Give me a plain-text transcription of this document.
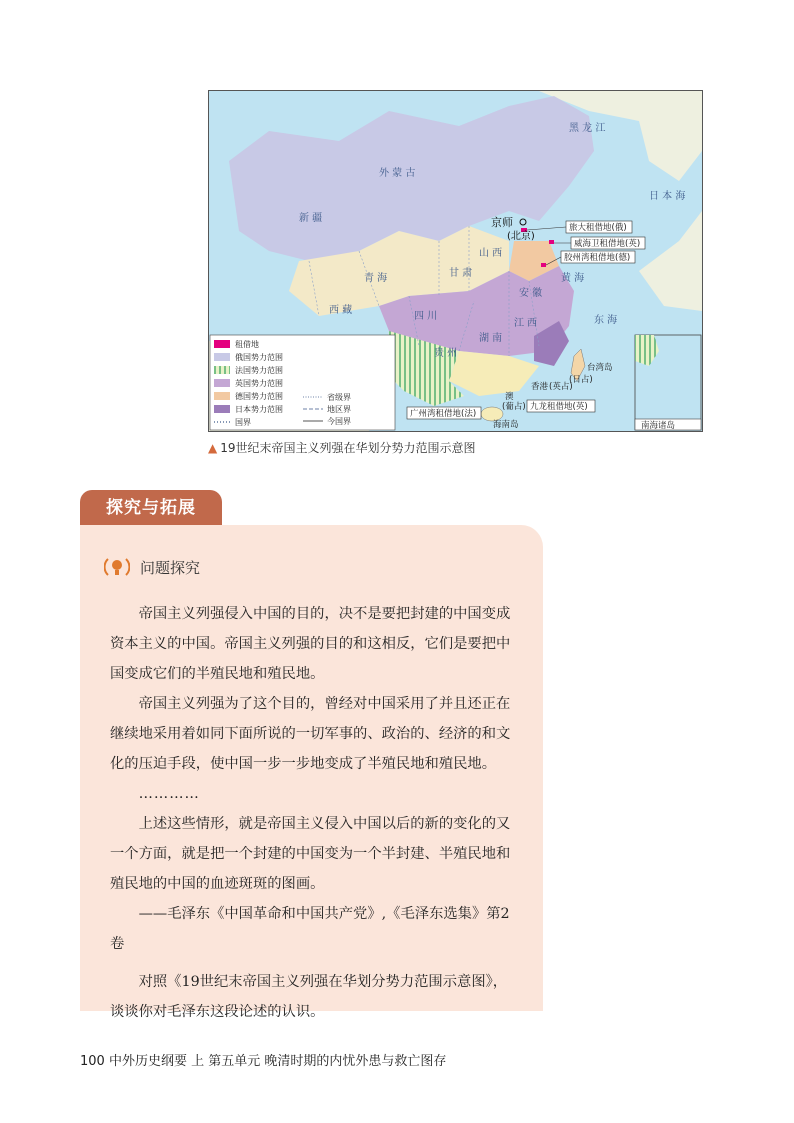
外 蒙 古
新 疆
黑 龙 江
青 海
西 藏
四 川
甘 肃
山 西
贵 州
湖 南
江 西
安 徽
日 本 海
黄 海
东 海
京师
(北京)
旅大租借地(俄)
威海卫租借地(英)
胶州湾租借地(德)
九龙租借地(英)
广州湾租借地(法)
台湾岛
(日占)
香港 (英占)
澳
(葡占)
海南岛	南海诸岛
租借地
俄国势力范围
法国势力范围
英国势力范围
德国势力范围
日本势力范围
国界
省级界
地区界
今国界
▲ 19世纪末帝国主义列强在华划分势力范围示意图
探究与拓展
问题探究

帝国主义列强侵入中国的目的，决不是要把封建的中国变成资本主义的中国。帝国主义列强的目的和这相反，它们是要把中国变成它们的半殖民地和殖民地。

帝国主义列强为了这个目的，曾经对中国采用了并且还正在继续地采用着如同下面所说的一切军事的、政治的、经济的和文化的压迫手段，使中国一步一步地变成了半殖民地和殖民地。

…………

上述这些情形，就是帝国主义侵入中国以后的新的变化的又一个方面，就是把一个封建的中国变为一个半封建、半殖民地和殖民地的中国的血迹斑斑的图画。

——毛泽东《中国革命和中国共产党》,《毛泽东选集》第2卷

对照《19世纪末帝国主义列强在华划分势力范围示意图》，谈谈你对毛泽东这段论述的认识。

100 中外历史纲要 上 第五单元 晚清时期的内忧外患与救亡图存
